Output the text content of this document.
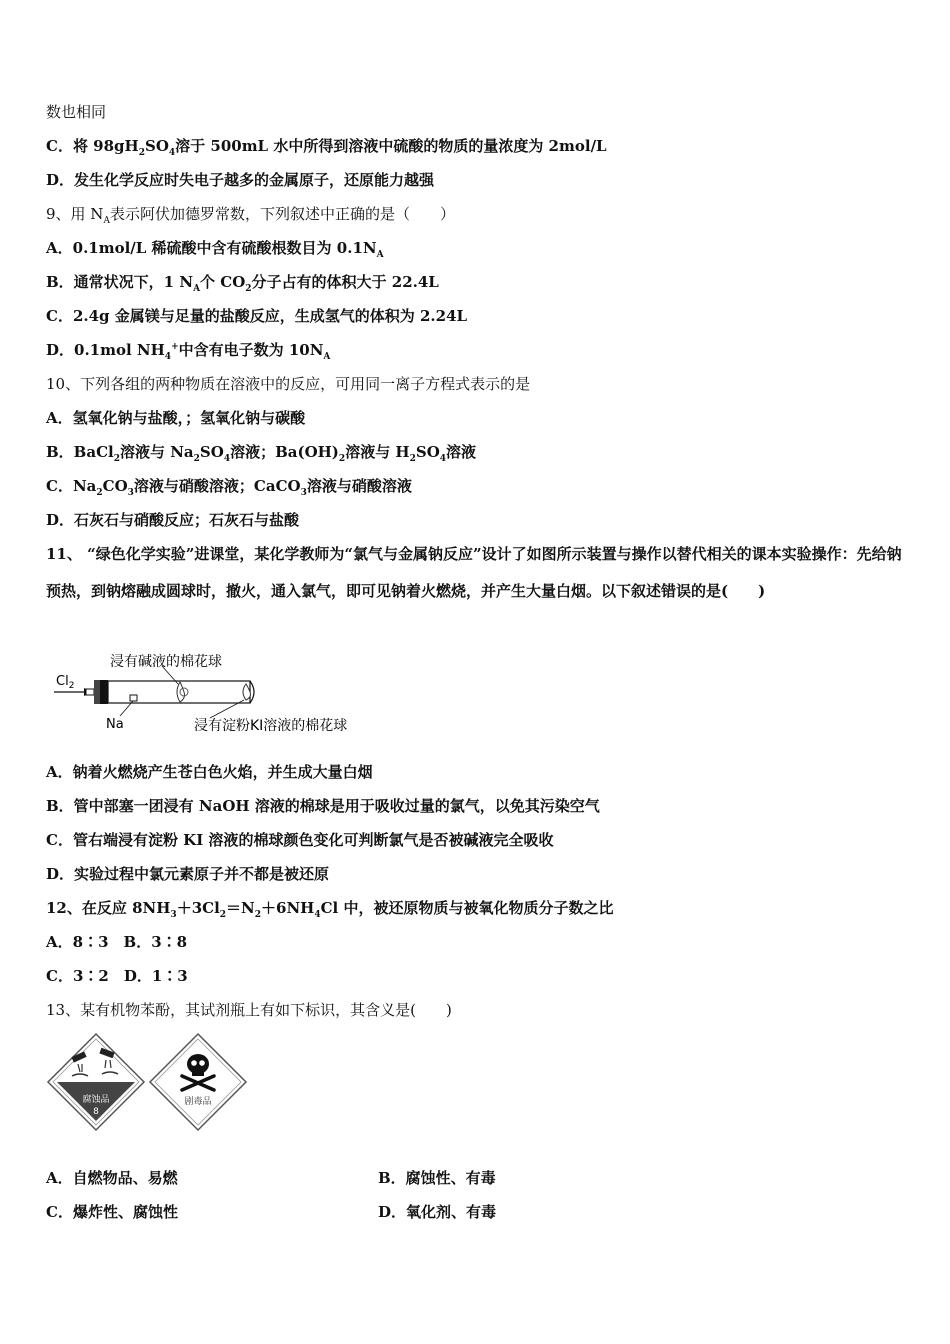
数也相同
C．将 $98gH_2SO_4$溶于 500mL 水中所得到溶液中硫酸的物质的量浓度为 2mol/L
D．发生化学反应时失电子越多的金属原子，还原能力越强
9、用 $N_A$表示阿伏加德罗常数，下列叙述中正确的是（　　）
A．0.1mol/L 稀硫酸中含有硫酸根数目为 $0.1N_A$
B．通常状况下，1 $N_A$个 $CO_2$分子占有的体积大于 22.4L
C．2.4g 金属镁与足量的盐酸反应，生成氢气的体积为 2.24L
D．0.1mol $NH_4^+$中含有电子数为 $10N_A$
10、下列各组的两种物质在溶液中的反应，可用同一离子方程式表示的是
A．氢氧化钠与盐酸，；氢氧化钠与碳酸
B．BaCl$_2$溶液与 $Na_2SO_4$溶液；$Ba(OH)_2$溶液与 $H_2SO_4$溶液
C．$Na_2CO_3$溶液与硝酸溶液；CaCO$_3$溶液与硝酸溶液
D．石灰石与硝酸反应；石灰石与盐酸
11、 “绿色化学实验”进课堂，某化学教师为“氯气与金属钠反应”设计了如图所示装置与操作以替代相关的课本实验操作：先给钠预热，到钠熔融成圆球时，撤火，通入氯气，即可见钠着火燃烧，并产生大量白烟。以下叙述错误的是(　　)
$Cl_2$
浸有碱液的棉花球
Na	浸有淀粉KI溶液的棉花球
A．钠着火燃烧产生苍白色火焰，并生成大量白烟
B．管中部塞一团浸有 NaOH 溶液的棉球是用于吸收过量的氯气，以免其污染空气
C．管右端浸有淀粉 KI 溶液的棉球颜色变化可判断氯气是否被碱液完全吸收
D．实验过程中氯元素原子并不都是被还原
12、在反应 $8NH_3+3Cl_2=N_2+6NH_4Cl$ 中，被还原物质与被氧化物质分子数之比
A．8∶3　B．3∶8
C．3∶2　D．1∶3
13、某有机物苯酚，其试剂瓶上有如下标识，其含义是(　　)
腐蚀品
8
剧毒品
A．自燃物品、易燃	B．腐蚀性、有毒
C．爆炸性、腐蚀性	D．氧化剂、有毒
